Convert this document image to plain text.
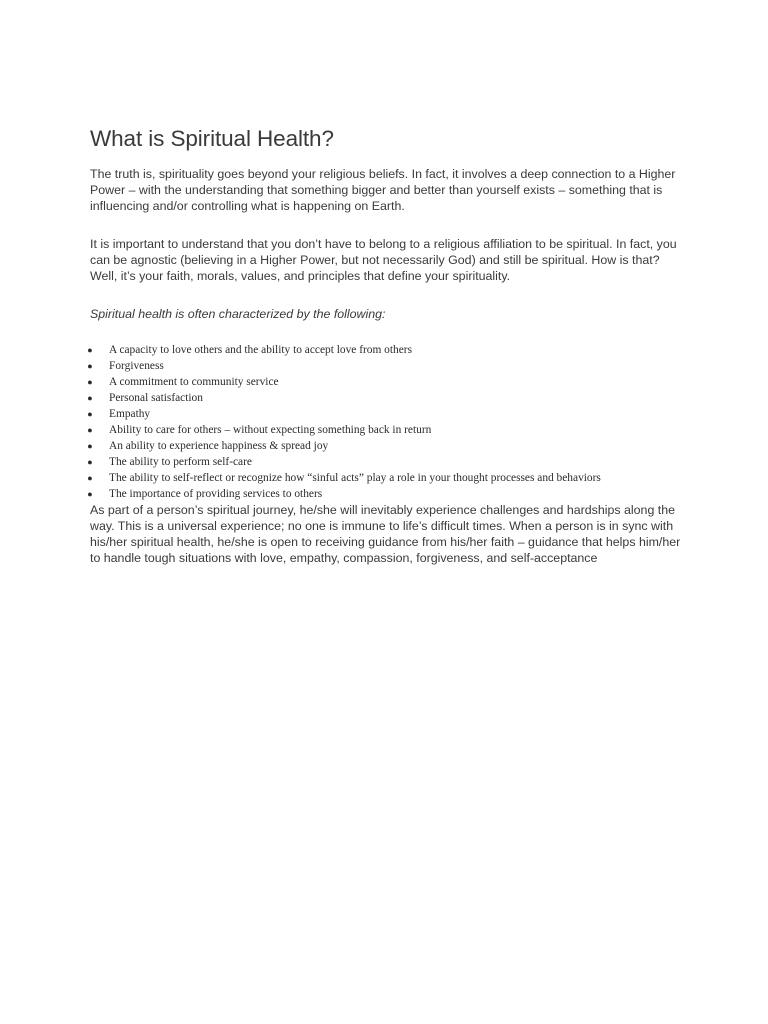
What is Spiritual Health?

The truth is, spirituality goes beyond your religious beliefs. In fact, it involves a deep connection to a Higher Power – with the understanding that something bigger and better than yourself exists – something that is influencing and/or controlling what is happening on Earth.

It is important to understand that you don’t have to belong to a religious affiliation to be spiritual. In fact, you can be agnostic (believing in a Higher Power, but not necessarily God) and still be spiritual. How is that? Well, it’s your faith, morals, values, and principles that define your spirituality.

Spiritual health is often characterized by the following:

● A capacity to love others and the ability to accept love from others
● Forgiveness
● A commitment to community service
● Personal satisfaction
● Empathy
● Ability to care for others – without expecting something back in return
● An ability to experience happiness & spread joy
● The ability to perform self-care
● The ability to self-reflect or recognize how “sinful acts” play a role in your thought processes and behaviors
● The importance of providing services to others

As part of a person’s spiritual journey, he/she will inevitably experience challenges and hardships along the way. This is a universal experience; no one is immune to life’s difficult times. When a person is in sync with his/her spiritual health, he/she is open to receiving guidance from his/her faith – guidance that helps him/her to handle tough situations with love, empathy, compassion, forgiveness, and self-acceptance
